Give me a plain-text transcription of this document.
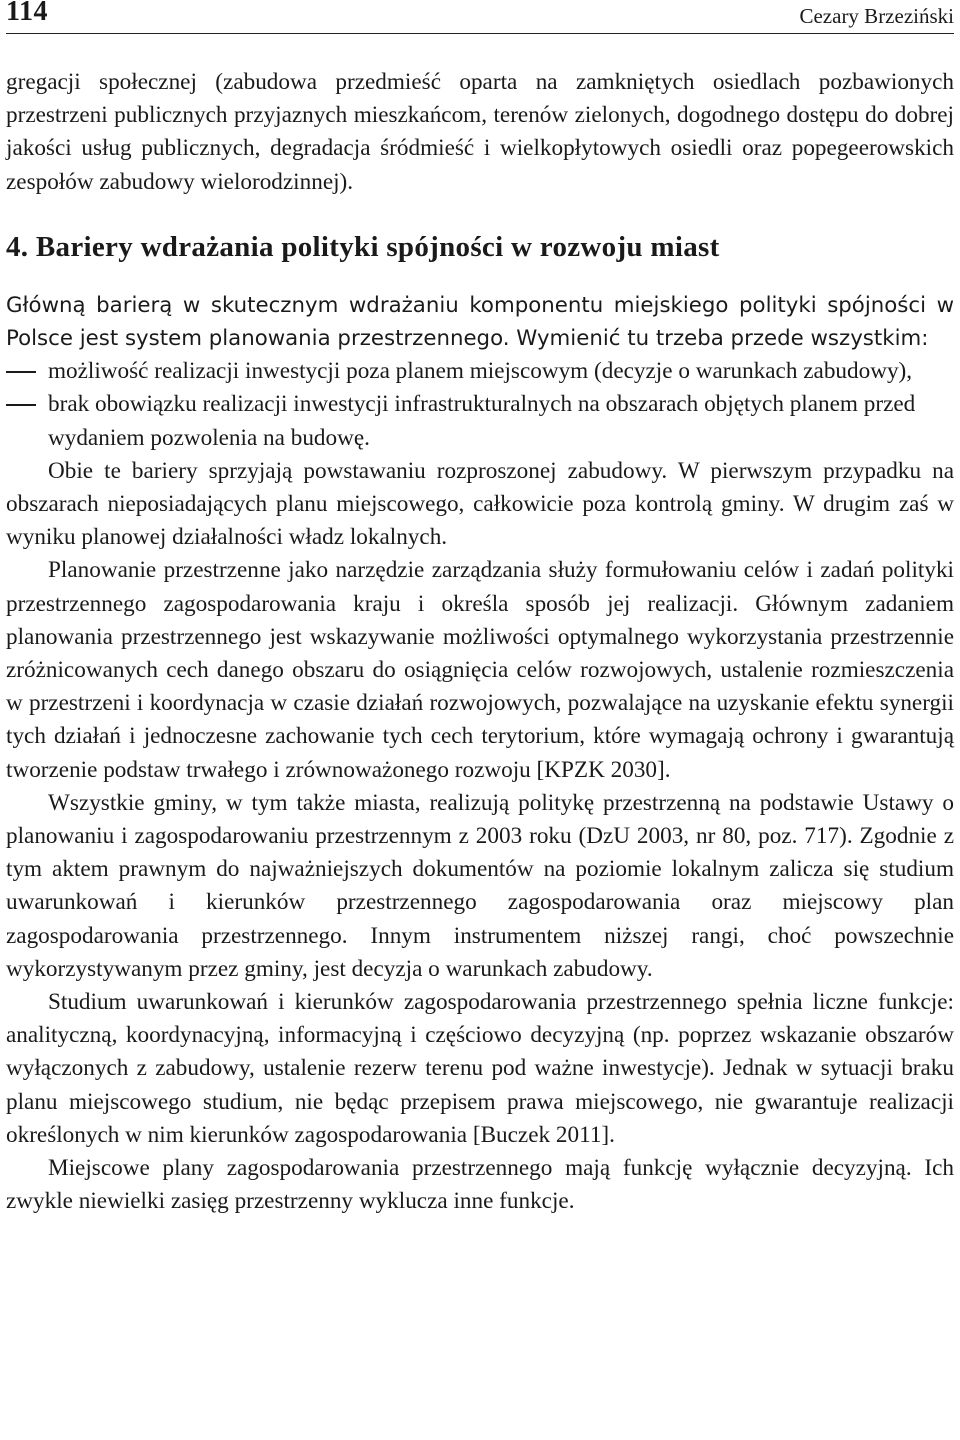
114	Cezary Brzeziński

gregacji społecznej (zabudowa przedmieść oparta na zamkniętych osiedlach pozbawionych przestrzeni publicznych przyjaznych mieszkańcom, terenów zielonych, dogodnego dostępu do dobrej jakości usług publicznych, degradacja śródmieść i wielkopłytowych osiedli oraz popegeerowskich zespołów zabudowy wielorodzinnej).

4. Bariery wdrażania polityki spójności w rozwoju miast

Główną barierą w skutecznym wdrażaniu komponentu miejskiego polityki spójności w Polsce jest system planowania przestrzennego. Wymienić tu trzeba przede wszystkim:

możliwość realizacji inwestycji poza planem miejscowym (decyzje o warunkach zabudowy),
brak obowiązku realizacji inwestycji infrastrukturalnych na obszarach objętych planem przed wydaniem pozwolenia na budowę.

Obie te bariery sprzyjają powstawaniu rozproszonej zabudowy. W pierwszym przypadku na obszarach nieposiadających planu miejscowego, całkowicie poza kontrolą gminy. W drugim zaś w wyniku planowej działalności władz lokalnych.

Planowanie przestrzenne jako narzędzie zarządzania służy formułowaniu celów i zadań polityki przestrzennego zagospodarowania kraju i określa sposób jej realizacji. Głównym zadaniem planowania przestrzennego jest wskazywanie możliwości optymalnego wykorzystania przestrzennie zróżnicowanych cech danego obszaru do osiągnięcia celów rozwojowych, ustalenie rozmieszczenia w przestrzeni i koordynacja w czasie działań rozwojowych, pozwalające na uzyskanie efektu synergii tych działań i jednoczesne zachowanie tych cech terytorium, które wymagają ochrony i gwarantują tworzenie podstaw trwałego i zrównoważonego rozwoju [KPZK 2030].

Wszystkie gminy, w tym także miasta, realizują politykę przestrzenną na podstawie Ustawy o planowaniu i zagospodarowaniu przestrzennym z 2003 roku (DzU 2003, nr 80, poz. 717). Zgodnie z tym aktem prawnym do najważniejszych dokumentów na poziomie lokalnym zalicza się studium uwarunkowań i kierunków przestrzennego zagospodarowania oraz miejscowy plan zagospodarowania przestrzennego. Innym instrumentem niższej rangi, choć powszechnie wykorzystywanym przez gminy, jest decyzja o warunkach zabudowy.

Studium uwarunkowań i kierunków zagospodarowania przestrzennego spełnia liczne funkcje: analityczną, koordynacyjną, informacyjną i częściowo decyzyjną (np. poprzez wskazanie obszarów wyłączonych z zabudowy, ustalenie rezerw terenu pod ważne inwestycje). Jednak w sytuacji braku planu miejscowego studium, nie będąc przepisem prawa miejscowego, nie gwarantuje realizacji określonych w nim kierunków zagospodarowania [Buczek 2011].

Miejscowe plany zagospodarowania przestrzennego mają funkcję wyłącznie decyzyjną. Ich zwykle niewielki zasięg przestrzenny wyklucza inne funkcje.
